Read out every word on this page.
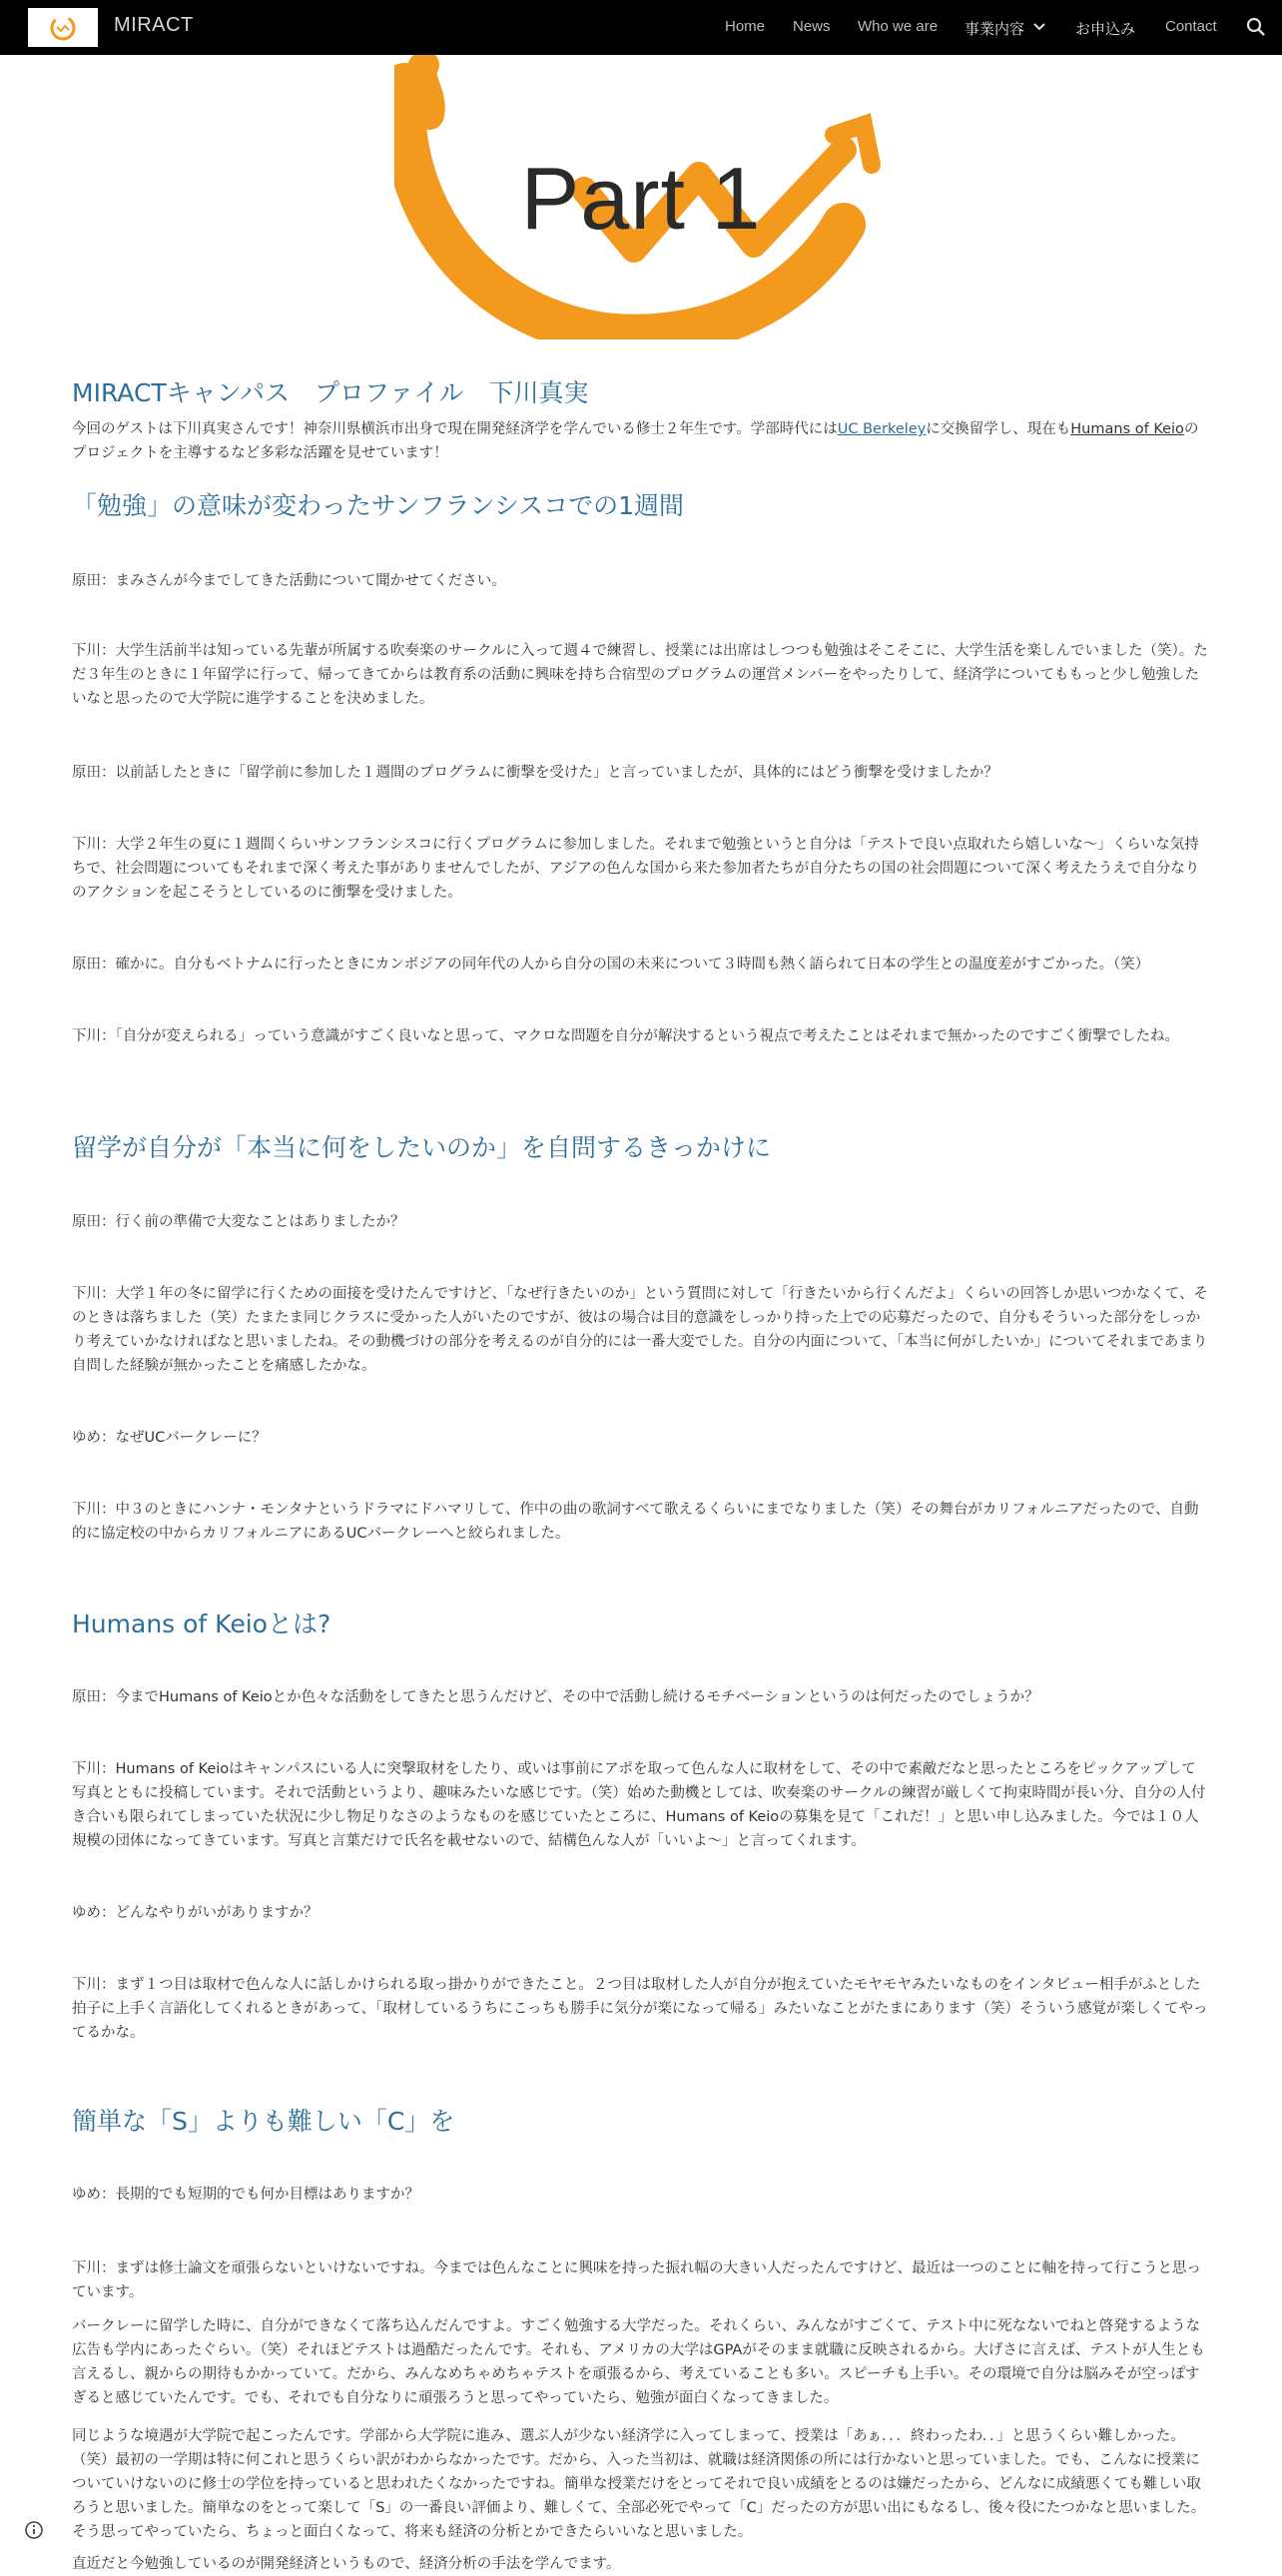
MIRACT	Home News Who we are 事業内容	お申込み Contact
Part 1
MIRACTキャンパス　プロファイル　下川真実
今回のゲストは下川真実さんです！神奈川県横浜市出身で現在開発経済学を学んでいる修士２年生です。学部時代にはUC Berkeleyに交換留学し、現在もHumans of Keioのプロジェクトを主導するなど多彩な活躍を見せています！
「勉強」の意味が変わったサンフランシスコでの1週間
原田：まみさんが今までしてきた活動について聞かせてください。
下川：大学生活前半は知っている先輩が所属する吹奏楽のサークルに入って週４で練習し、授業には出席はしつつも勉強はそこそこに、大学生活を楽しんでいました（笑）。ただ３年生のときに１年留学に行って、帰ってきてからは教育系の活動に興味を持ち合宿型のプログラムの運営メンバーをやったりして、経済学についてももっと少し勉強したいなと思ったので大学院に進学することを決めました。
原田：以前話したときに「留学前に参加した１週間のプログラムに衝撃を受けた」と言っていましたが、具体的にはどう衝撃を受けましたか？
下川：大学２年生の夏に１週間くらいサンフランシスコに行くプログラムに参加しました。それまで勉強というと自分は「テストで良い点取れたら嬉しいな～」くらいな気持ちで、社会問題についてもそれまで深く考えた事がありませんでしたが、アジアの色んな国から来た参加者たちが自分たちの国の社会問題について深く考えたうえで自分なりのアクションを起こそうとしているのに衝撃を受けました。
原田：確かに。自分もベトナムに行ったときにカンボジアの同年代の人から自分の国の未来について３時間も熱く語られて日本の学生との温度差がすごかった。（笑）
下川：「自分が変えられる」っていう意識がすごく良いなと思って、マクロな問題を自分が解決するという視点で考えたことはそれまで無かったのですごく衝撃でしたね。
留学が自分が「本当に何をしたいのか」を自問するきっかけに
原田：行く前の準備で大変なことはありましたか？
下川：大学１年の冬に留学に行くための面接を受けたんですけど、「なぜ行きたいのか」という質問に対して「行きたいから行くんだよ」くらいの回答しか思いつかなくて、そのときは落ちました（笑）たまたま同じクラスに受かった人がいたのですが、彼はの場合は目的意識をしっかり持った上での応募だったので、自分もそういった部分をしっかり考えていかなければなと思いましたね。その動機づけの部分を考えるのが自分的には一番大変でした。自分の内面について、「本当に何がしたいか」についてそれまであまり自問した経験が無かったことを痛感したかな。
ゆめ：なぜUCバークレーに？
下川：中３のときにハンナ・モンタナというドラマにドハマリして、作中の曲の歌詞すべて歌えるくらいにまでなりました（笑）その舞台がカリフォルニアだったので、自動的に協定校の中からカリフォルニアにあるUCバークレーへと絞られました。
Humans of Keioとは?
原田：今までHumans of Keioとか色々な活動をしてきたと思うんだけど、その中で活動し続けるモチベーションというのは何だったのでしょうか？
下川：Humans of Keioはキャンパスにいる人に突撃取材をしたり、或いは事前にアポを取って色んな人に取材をして、その中で素敵だなと思ったところをピックアップして写真とともに投稿しています。それで活動というより、趣味みたいな感じです。（笑）始めた動機としては、吹奏楽のサークルの練習が厳しくて拘束時間が長い分、自分の人付き合いも限られてしまっていた状況に少し物足りなさのようなものを感じていたところに、Humans of Keioの募集を見て「これだ！」と思い申し込みました。今では１０人規模の団体になってきています。写真と言葉だけで氏名を載せないので、結構色んな人が「いいよ～」と言ってくれます。
ゆめ：どんなやりがいがありますか？
下川：まず１つ目は取材で色んな人に話しかけられる取っ掛かりができたこと。２つ目は取材した人が自分が抱えていたモヤモヤみたいなものをインタビュー相手がふとした拍子に上手く言語化してくれるときがあって、「取材しているうちにこっちも勝手に気分が楽になって帰る」みたいなことがたまにあります（笑）そういう感覚が楽しくてやってるかな。
簡単な「S」よりも難しい「C」を
ゆめ：長期的でも短期的でも何か目標はありますか？
下川：まずは修士論文を頑張らないといけないですね。今までは色んなことに興味を持った振れ幅の大きい人だったんですけど、最近は一つのことに軸を持って行こうと思っています。
バークレーに留学した時に、自分ができなくて落ち込んだんですよ。すごく勉強する大学だった。それくらい、みんながすごくて、テスト中に死なないでねと啓発するような広告も学内にあったぐらい。（笑）それほどテストは過酷だったんです。それも、アメリカの大学はGPAがそのまま就職に反映されるから。大げさに言えば、テストが人生とも言えるし、親からの期待もかかっていて。だから、みんなめちゃめちゃテストを頑張るから、考えていることも多い。スピーチも上手い。その環境で自分は脳みそが空っぽすぎると感じていたんです。でも、それでも自分なりに頑張ろうと思ってやっていたら、勉強が面白くなってきました。
同じような境遇が大学院で起こったんです。学部から大学院に進み、選ぶ人が少ない経済学に入ってしまって、授業は「あぁ．．．終わったわ．．」と思うくらい難しかった。（笑）最初の一学期は特に何これと思うくらい訳がわからなかったです。だから、入った当初は、就職は経済関係の所には行かないと思っていました。でも、こんなに授業についていけないのに修士の学位を持っていると思われたくなかったですね。簡単な授業だけをとってそれで良い成績をとるのは嫌だったから、どんなに成績悪くても難しい取ろうと思いました。簡単なのをとって楽して「S」の一番良い評価より、難しくて、全部必死でやって「C」だったの方が思い出にもなるし、後々役にたつかなと思いました。そう思ってやっていたら、ちょっと面白くなって、将来も経済の分析とかできたらいいなと思いました。
直近だと今勉強しているのが開発経済というもので、経済分析の手法を学んでます。
